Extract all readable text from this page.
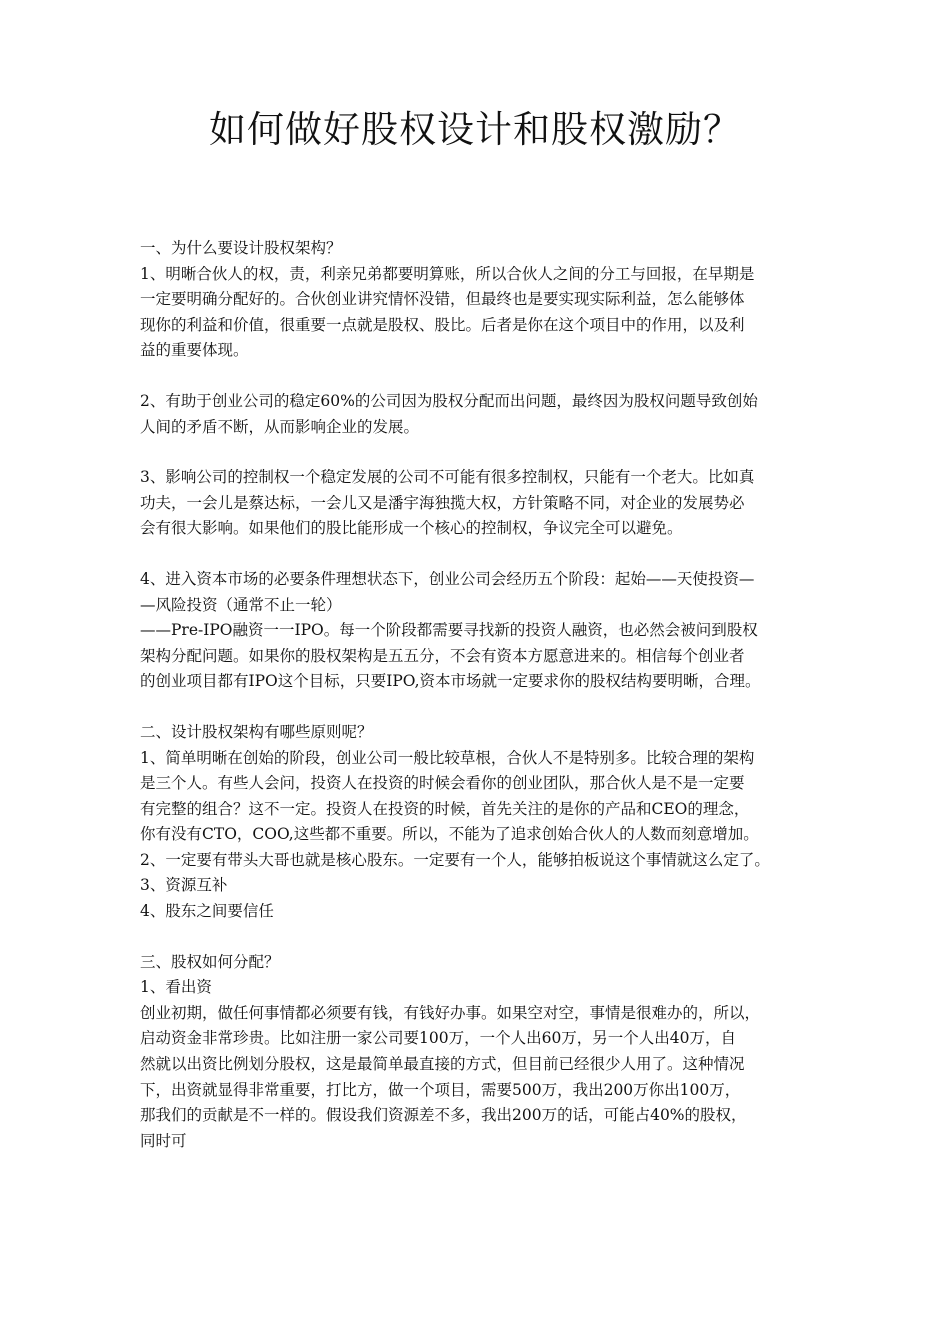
如何做好股权设计和股权激励？

一、为什么要设计股权架构？

1、明晰合伙人的权，责，利亲兄弟都要明算账，所以合伙人之间的分工与回报，在早期是

一定要明确分配好的。合伙创业讲究情怀没错，但最终也是要实现实际利益，怎么能够体

现你的利益和价值，很重要一点就是股权、股比。后者是你在这个项目中的作用，以及利

益的重要体现。

2、有助于创业公司的稳定60%的公司因为股权分配而出问题，最终因为股权问题导致创始

人间的矛盾不断，从而影响企业的发展。

3、影响公司的控制权一个稳定发展的公司不可能有很多控制权，只能有一个老大。比如真

功夫，一会儿是蔡达标，一会儿又是潘宇海独揽大权，方针策略不同，对企业的发展势必

会有很大影响。如果他们的股比能形成一个核心的控制权，争议完全可以避免。

4、进入资本市场的必要条件理想状态下，创业公司会经历五个阶段：起始——天使投资—

—风险投资（通常不止一轮）

——Pre-IPO融资一一IPO。每一个阶段都需要寻找新的投资人融资，也必然会被问到股权

架构分配问题。如果你的股权架构是五五分，不会有资本方愿意进来的。相信每个创业者

的创业项目都有IPO这个目标，只要IPO,资本市场就一定要求你的股权结构要明晰，合理。

二、设计股权架构有哪些原则呢？

1、简单明晰在创始的阶段，创业公司一般比较草根，合伙人不是特别多。比较合理的架构

是三个人。有些人会问，投资人在投资的时候会看你的创业团队，那合伙人是不是一定要

有完整的组合？这不一定。投资人在投资的时候，首先关注的是你的产品和CEO的理念，

你有没有CTO，COO,这些都不重要。所以，不能为了追求创始合伙人的人数而刻意增加。

2、一定要有带头大哥也就是核心股东。一定要有一个人，能够拍板说这个事情就这么定了。

3、资源互补

4、股东之间要信任

三、股权如何分配？

1、看出资

创业初期，做任何事情都必须要有钱，有钱好办事。如果空对空，事情是很难办的，所以，

启动资金非常珍贵。比如注册一家公司要100万，一个人出60万，另一个人出40万，自

然就以出资比例划分股权，这是最简单最直接的方式，但目前已经很少人用了。这种情况

下，出资就显得非常重要，打比方，做一个项目，需要500万，我出200万你出100万，

那我们的贡献是不一样的。假设我们资源差不多，我出200万的话，可能占40%的股权，

同时可
